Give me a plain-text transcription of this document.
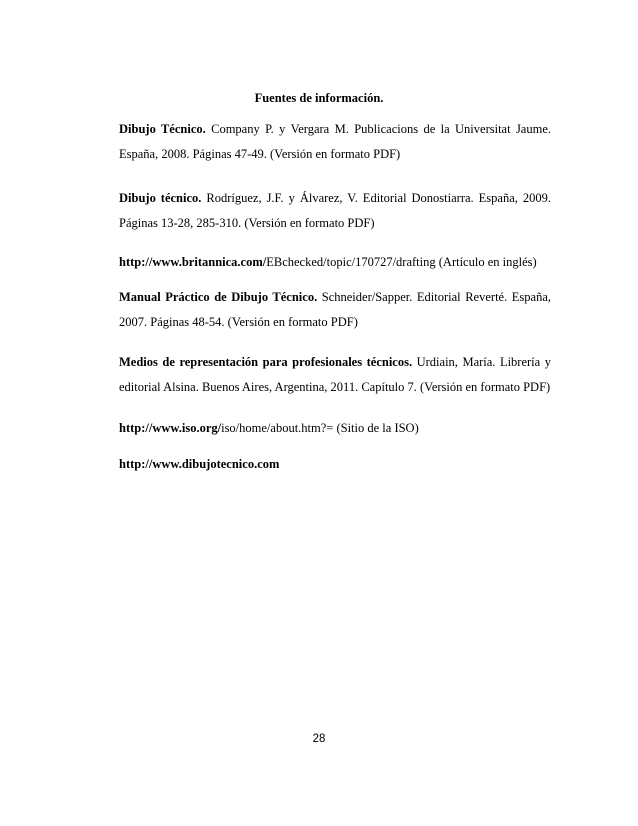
Fuentes de información.
Dibujo Técnico. Company P. y Vergara M. Publicacions de la Universitat Jaume. España, 2008. Páginas 47-49. (Versión en formato PDF)
Dibujo técnico. Rodríguez, J.F. y Álvarez, V. Editorial Donostiarra. España, 2009. Páginas 13-28, 285-310. (Versión en formato PDF)
http://www.britannica.com/EBchecked/topic/170727/drafting (Artículo en inglés)
Manual Práctico de Dibujo Técnico. Schneider/Sapper. Editorial Reverté. España, 2007. Páginas 48-54. (Versión en formato PDF)
Medios de representación para profesionales técnicos. Urdiain, María. Librería y editorial Alsina. Buenos Aires, Argentina, 2011. Capítulo 7. (Versión en formato PDF)
http://www.iso.org/iso/home/about.htm?= (Sitio de la ISO)
http://www.dibujotecnico.com
28
